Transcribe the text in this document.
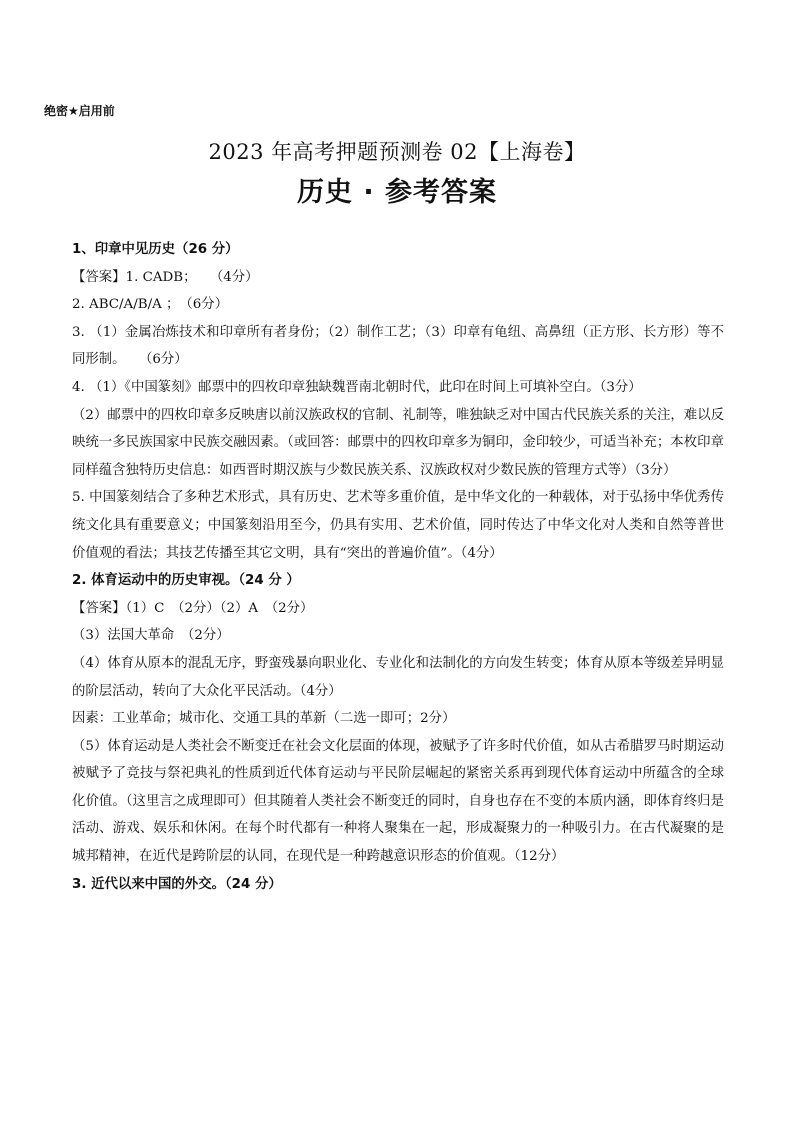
绝密★启用前
2023 年高考押题预测卷 02【上海卷】
历史 · 参考答案
1、印章中见历史（26 分）
【答案】1. CADB；　　（4分）
2. ABC/A/B/A ；　（6分）
3. （1）金属冶炼技术和印章所有者身份；（2）制作工艺；（3）印章有龟纽、高鼻纽（正方形、长方形）等不同形制。　　（6分）
4. （1）《中国篆刻》邮票中的四枚印章独缺魏晋南北朝时代，此印在时间上可填补空白。（3分）
（2）邮票中的四枚印章多反映唐以前汉族政权的官制、礼制等，唯独缺乏对中国古代民族关系的关注，难以反映统一多民族国家中民族交融因素。（或回答：邮票中的四枚印章多为铜印，金印较少，可适当补充；本枚印章同样蕴含独特历史信息：如西晋时期汉族与少数民族关系、汉族政权对少数民族的管理方式等）（3分）
5. 中国篆刻结合了多种艺术形式，具有历史、艺术等多重价值，是中华文化的一种载体，对于弘扬中华优秀传统文化具有重要意义；中国篆刻沿用至今，仍具有实用、艺术价值，同时传达了中华文化对人类和自然等普世价值观的看法；其技艺传播至其它文明，具有“突出的普遍价值”。（4分）
2. 体育运动中的历史审视。（24 分 ）
【答案】（1）C　（2分）（2）A　（2分）
（3）法国大革命　（2分）
（4）体育从原本的混乱无序，野蛮残暴向职业化、专业化和法制化的方向发生转变；体育从原本等级差异明显的阶层活动，转向了大众化平民活动。（4分）
因素：工业革命；城市化、交通工具的革新（二选一即可；2分）
（5）体育运动是人类社会不断变迁在社会文化层面的体现，被赋予了许多时代价值，如从古希腊罗马时期运动被赋予了竞技与祭祀典礼的性质到近代体育运动与平民阶层崛起的紧密关系再到现代体育运动中所蕴含的全球化价值。（这里言之成理即可）但其随着人类社会不断变迁的同时，自身也存在不变的本质内涵，即体育终归是活动、游戏、娱乐和休闲。在每个时代都有一种将人聚集在一起，形成凝聚力的一种吸引力。在古代凝聚的是城邦精神，在近代是跨阶层的认同，在现代是一种跨越意识形态的价值观。（12分）
3. 近代以来中国的外交。（24 分）
